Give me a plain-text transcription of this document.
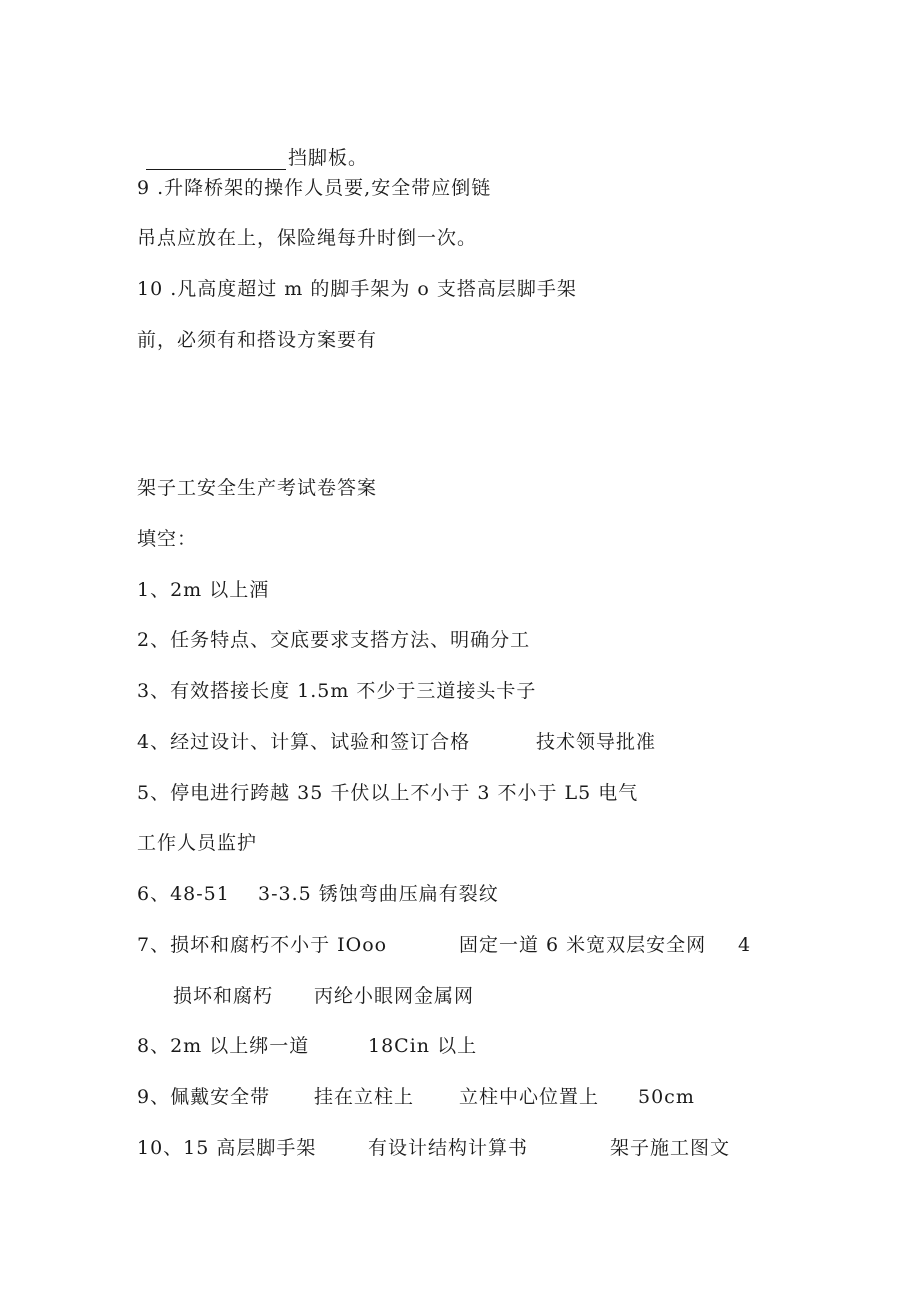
挡脚板。
9 .升降桥架的操作人员要,安全带应倒链
吊点应放在上，保险绳每升时倒一次。
10 .凡高度超过 m 的脚手架为 o 支搭高层脚手架
前，必须有和搭设方案要有
架子工安全生产考试卷答案
填空：
1、2m 以上酒
2、任务特点、交底要求支搭方法、明确分工
3、有效搭接长度 1.5m 不少于三道接头卡子
4、经过设计、计算、试验和签订合格	技术领导批准
5、停电进行跨越 35 千伏以上不小于 3 不小于 L5 电气
工作人员监护
6、48-51 3-3.5 锈蚀弯曲压扁有裂纹
7、损坏和腐朽不小于 IOoo	固定一道 6 米宽双层安全网 4
损坏和腐朽 丙纶小眼网金属网
8、2m 以上绑一道	18Cin 以上
9、佩戴安全带 挂在立柱上 立柱中心位置上 50cm
10、15 高层脚手架	有设计结构计算书	架子施工图文
